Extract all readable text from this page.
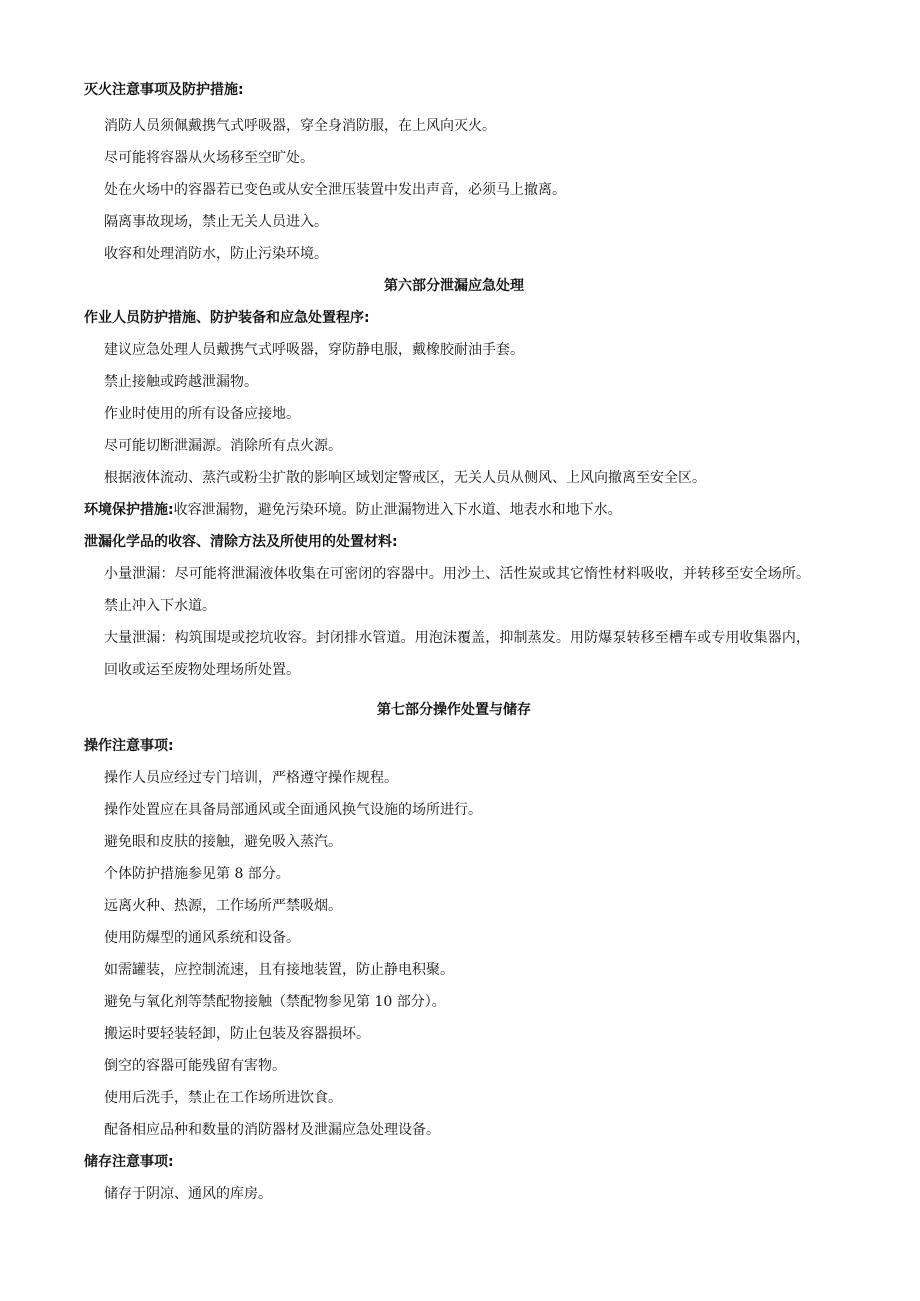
灭火注意事项及防护措施:
消防人员须佩戴携气式呼吸器，穿全身消防服，在上风向灭火。
尽可能将容器从火场移至空旷处。
处在火场中的容器若已变色或从安全泄压装置中发出声音，必须马上撤离。
隔离事故现场，禁止无关人员进入。
收容和处理消防水，防止污染环境。
第六部分泄漏应急处理
作业人员防护措施、防护装备和应急处置程序:
建议应急处理人员戴携气式呼吸器，穿防静电服，戴橡胶耐油手套。
禁止接触或跨越泄漏物。
作业时使用的所有设备应接地。
尽可能切断泄漏源。消除所有点火源。
根据液体流动、蒸汽或粉尘扩散的影响区域划定警戒区，无关人员从侧风、上风向撤离至安全区。
环境保护措施:收容泄漏物，避免污染环境。防止泄漏物进入下水道、地表水和地下水。
泄漏化学品的收容、清除方法及所使用的处置材料:
小量泄漏：尽可能将泄漏液体收集在可密闭的容器中。用沙土、活性炭或其它惰性材料吸收，并转移至安全场所。禁止冲入下水道。
大量泄漏：构筑围堤或挖坑收容。封闭排水管道。用泡沫覆盖，抑制蒸发。用防爆泵转移至槽车或专用收集器内，回收或运至废物处理场所处置。
第七部分操作处置与储存
操作注意事项:
操作人员应经过专门培训，严格遵守操作规程。
操作处置应在具备局部通风或全面通风换气设施的场所进行。
避免眼和皮肤的接触，避免吸入蒸汽。
个体防护措施参见第 8 部分。
远离火种、热源，工作场所严禁吸烟。
使用防爆型的通风系统和设备。
如需罐装，应控制流速，且有接地装置，防止静电积聚。
避免与氧化剂等禁配物接触（禁配物参见第 10 部分）。
搬运时要轻装轻卸，防止包装及容器损坏。
倒空的容器可能残留有害物。
使用后洗手，禁止在工作场所进饮食。
配备相应品种和数量的消防器材及泄漏应急处理设备。
储存注意事项:
储存于阴凉、通风的库房。
